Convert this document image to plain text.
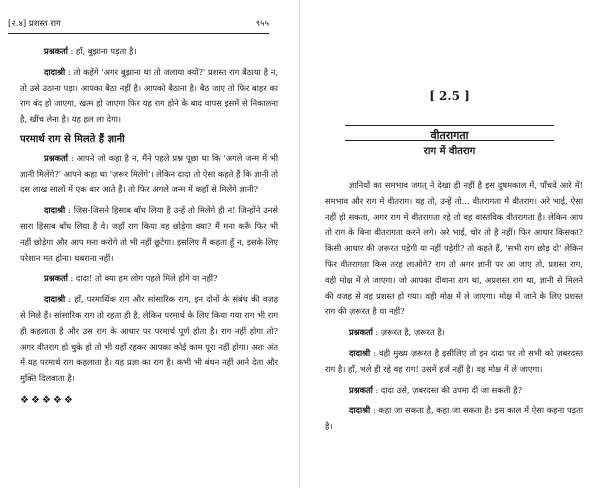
[२.४] प्रशस्त राग	९५५

प्रश्नकर्ता : हाँ, बुझाना पड़ता है।

दादाश्री : तो कहेंगे 'अगर बुझाना था तो जलाया क्यों?' प्रशस्त राग बैठाया है न, तो उसे उठाना पड़ा। आपका बैठा नहीं है। आपको बैठाना है। बैठ जाए तो फिर बाहर का राग बंद हो जाएगा, खत्म हो जाएगा फिर यह राग होने के बाद वापस इसमें से निकालना है, खींच लेना है। यह हल ला देगा।

परमार्थ राग से मिलते हैं ज्ञानी

प्रश्नकर्ता : आपने जो कहा है न, मैंने पहले प्रश्न पूछा था कि 'अगले जन्म में भी ज्ञानी मिलेंगे?' आपने कहा था 'ज़रूर मिलेंगे'। लेकिन दादा तो ऐसा कहते हैं कि ज्ञानी तो दस लाख सालों में एक बार आते हैं। तो फिर अगले जन्म में कहाँ से मिलेंगे ज्ञानी?

दादाश्री : जिस-जिसने हिसाब बाँध लिया है उन्हें तो मिलेंगे ही न! जिन्होंने उनसे सारा हिसाब बाँध लिया है वे। जहाँ राग किया वह छोड़ेगा क्या? मैं मना करूँ फिर भी नहीं छोड़ेगा और आप मना करोगे तो भी नहीं छूटेगा। इसलिए मैं कहता हूँ न, इसके लिए परेशान मत होना। घबराना नहीं।

प्रश्नकर्ता : दादा! तो क्या हम लोग पहले मिले होंगे या नहीं?

दादाश्री : हाँ, परमार्थिक राग और सांसारिक राग, इन दोनों के संबंध की वजह से मिले हैं। सांसारिक राग तो रहता ही है, लेकिन परमार्थ के लिए किया गया राग भी राग ही कहलाता है और उस राग के आधार पर परमार्थ पूर्ण होता है। राग नहीं होगा तो? अगर वीतराग हो चुके हो तो भी यहाँ रहकर आपका कोई काम पूरा नहीं होगा। अतः अंत में यह परमार्थ राग कहलाता है। यह प्रज्ञा का राग है। कभी भी बंधन नहीं आने देता और मुक्ति दिलवाता है।

❖❖❖❖❖

[ 2.5 ]
वीतरागता
राग में वीतराग

ज्ञानियों का समभाव जगत् ने देखा ही नहीं है इस दुषमकाल में, पाँचवें आरे में! समभाव और राग में वीतराग। यह तो, उन्हें तो... वीतरागता में वीतराग। अरे भाई, ऐसा नहीं हो सकता, अगर राग में वीतरागता रहे तो वह वास्तविक वीतरागता है। लेकिन आप तो राग के बिना वीतरागता करने लगे। अरे भाई, चोर तो है नहीं। फिर आधार किसका? किसी आधार की ज़रूरत पड़ेगी या नहीं पड़ेगी? तो कहते हैं, 'सभी राग छोड़ दो' लेकिन फिर वीतरागता किस तरह लाओगे? राग तो अगर ज्ञानी पर आ जाए तो, प्रशस्त राग, वही मोक्ष में ले जाएगा। जो आपका दीवाना राग था, अप्रशस्त राग था, ज्ञानी से मिलने की वजह से वह प्रशस्त हो गया। वही मोक्ष में ले जाएगा। मोक्ष में जाने के लिए प्रशस्त राग की ज़रूरत है या नहीं?

प्रश्नकर्ता : ज़रूरत है, ज़रूरत है।

दादाश्री : वही मुख्य ज़रूरत है इसीलिए तो इन दादा पर तो सभी को ज़बरदस्त राग है। हाँ, भले ही रहे वह राग! उसमें हर्ज नहीं है। वह मोक्ष में ले जाएगा।

प्रश्नकर्ता : दादा उसे, ज़बरदस्त की उपमा दी जा सकती है?

दादाश्री : कहा जा सकता है, कहा जा सकता है। इस काल में ऐसा कहना पड़ता है।
